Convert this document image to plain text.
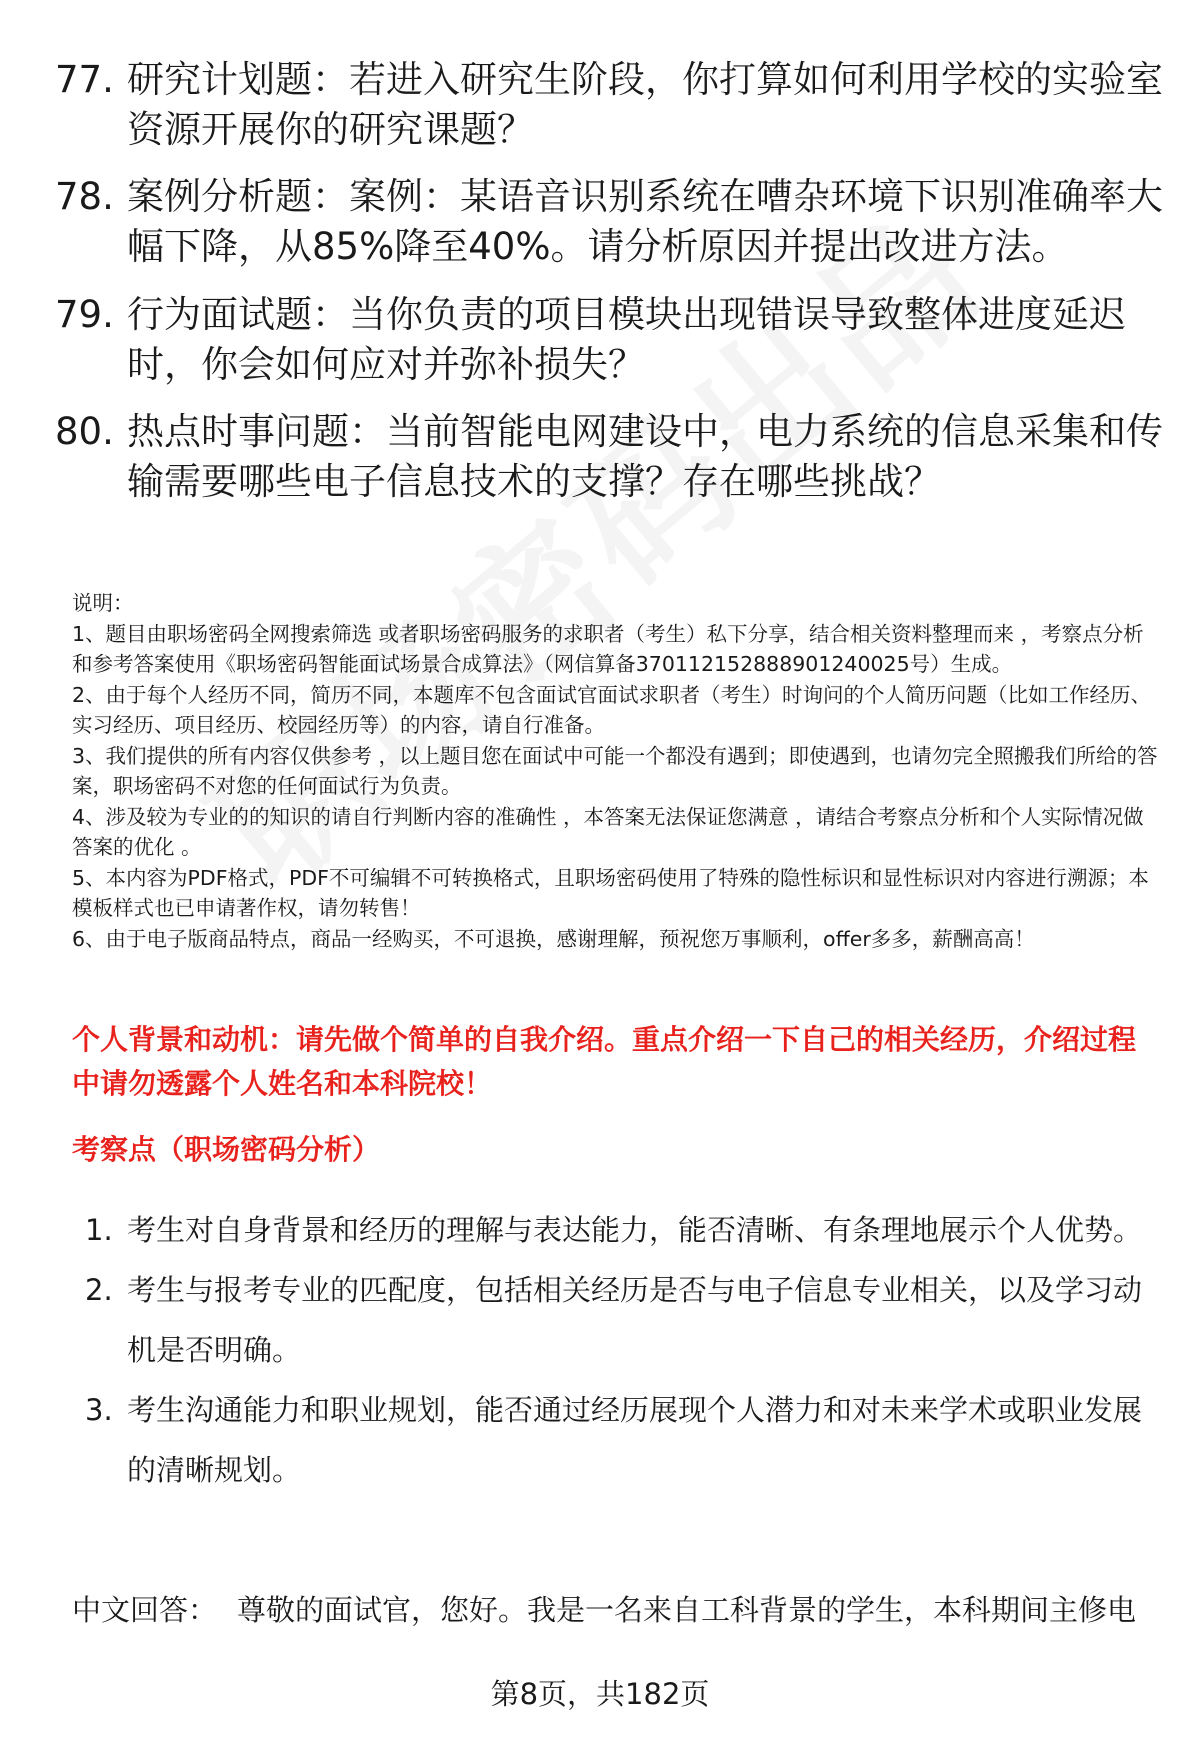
77. 研究计划题：若进入研究生阶段，你打算如何利用学校的实验室资源开展你的研究课题？
78. 案例分析题：案例：某语音识别系统在嘈杂环境下识别准确率大幅下降，从85%降至40%。请分析原因并提出改进方法。
79. 行为面试题：当你负责的项目模块出现错误导致整体进度延迟时，你会如何应对并弥补损失？
80. 热点时事问题：当前智能电网建设中，电力系统的信息采集和传输需要哪些电子信息技术的支撑？存在哪些挑战？
说明：
1、题目由职场密码全网搜索筛选 或者职场密码服务的求职者（考生）私下分享，结合相关资料整理而来 ，考察点分析和参考答案使用《职场密码智能面试场景合成算法》（网信算备370112152888901240025号）生成。
2、由于每个人经历不同，简历不同，本题库不包含面试官面试求职者（考生）时询问的个人简历问题（比如工作经历、实习经历、项目经历、校园经历等）的内容，请自行准备。
3、我们提供的所有内容仅供参考 ，以上题目您在面试中可能一个都没有遇到；即使遇到，也请勿完全照搬我们所给的答案，职场密码不对您的任何面试行为负责。
4、涉及较为专业的的知识的请自行判断内容的准确性 ，本答案无法保证您满意 ，请结合考察点分析和个人实际情况做答案的优化 。
5、本内容为PDF格式，PDF不可编辑不可转换格式，且职场密码使用了特殊的隐性标识和显性标识对内容进行溯源；本模板样式也已申请著作权，请勿转售！
6、由于电子版商品特点，商品一经购买，不可退换，感谢理解，预祝您万事顺利，offer多多，薪酬高高！
个人背景和动机：请先做个简单的自我介绍。重点介绍一下自己的相关经历，介绍过程中请勿透露个人姓名和本科院校！
考察点（职场密码分析）
1. 考生对自身背景和经历的理解与表达能力，能否清晰、有条理地展示个人优势。
2. 考生与报考专业的匹配度，包括相关经历是否与电子信息专业相关，以及学习动机是否明确。
3. 考生沟通能力和职业规划，能否通过经历展现个人潜力和对未来学术或职业发展的清晰规划。
中文回答： 尊敬的面试官，您好。我是一名来自工科背景的学生，本科期间主修电
第8页，共182页
